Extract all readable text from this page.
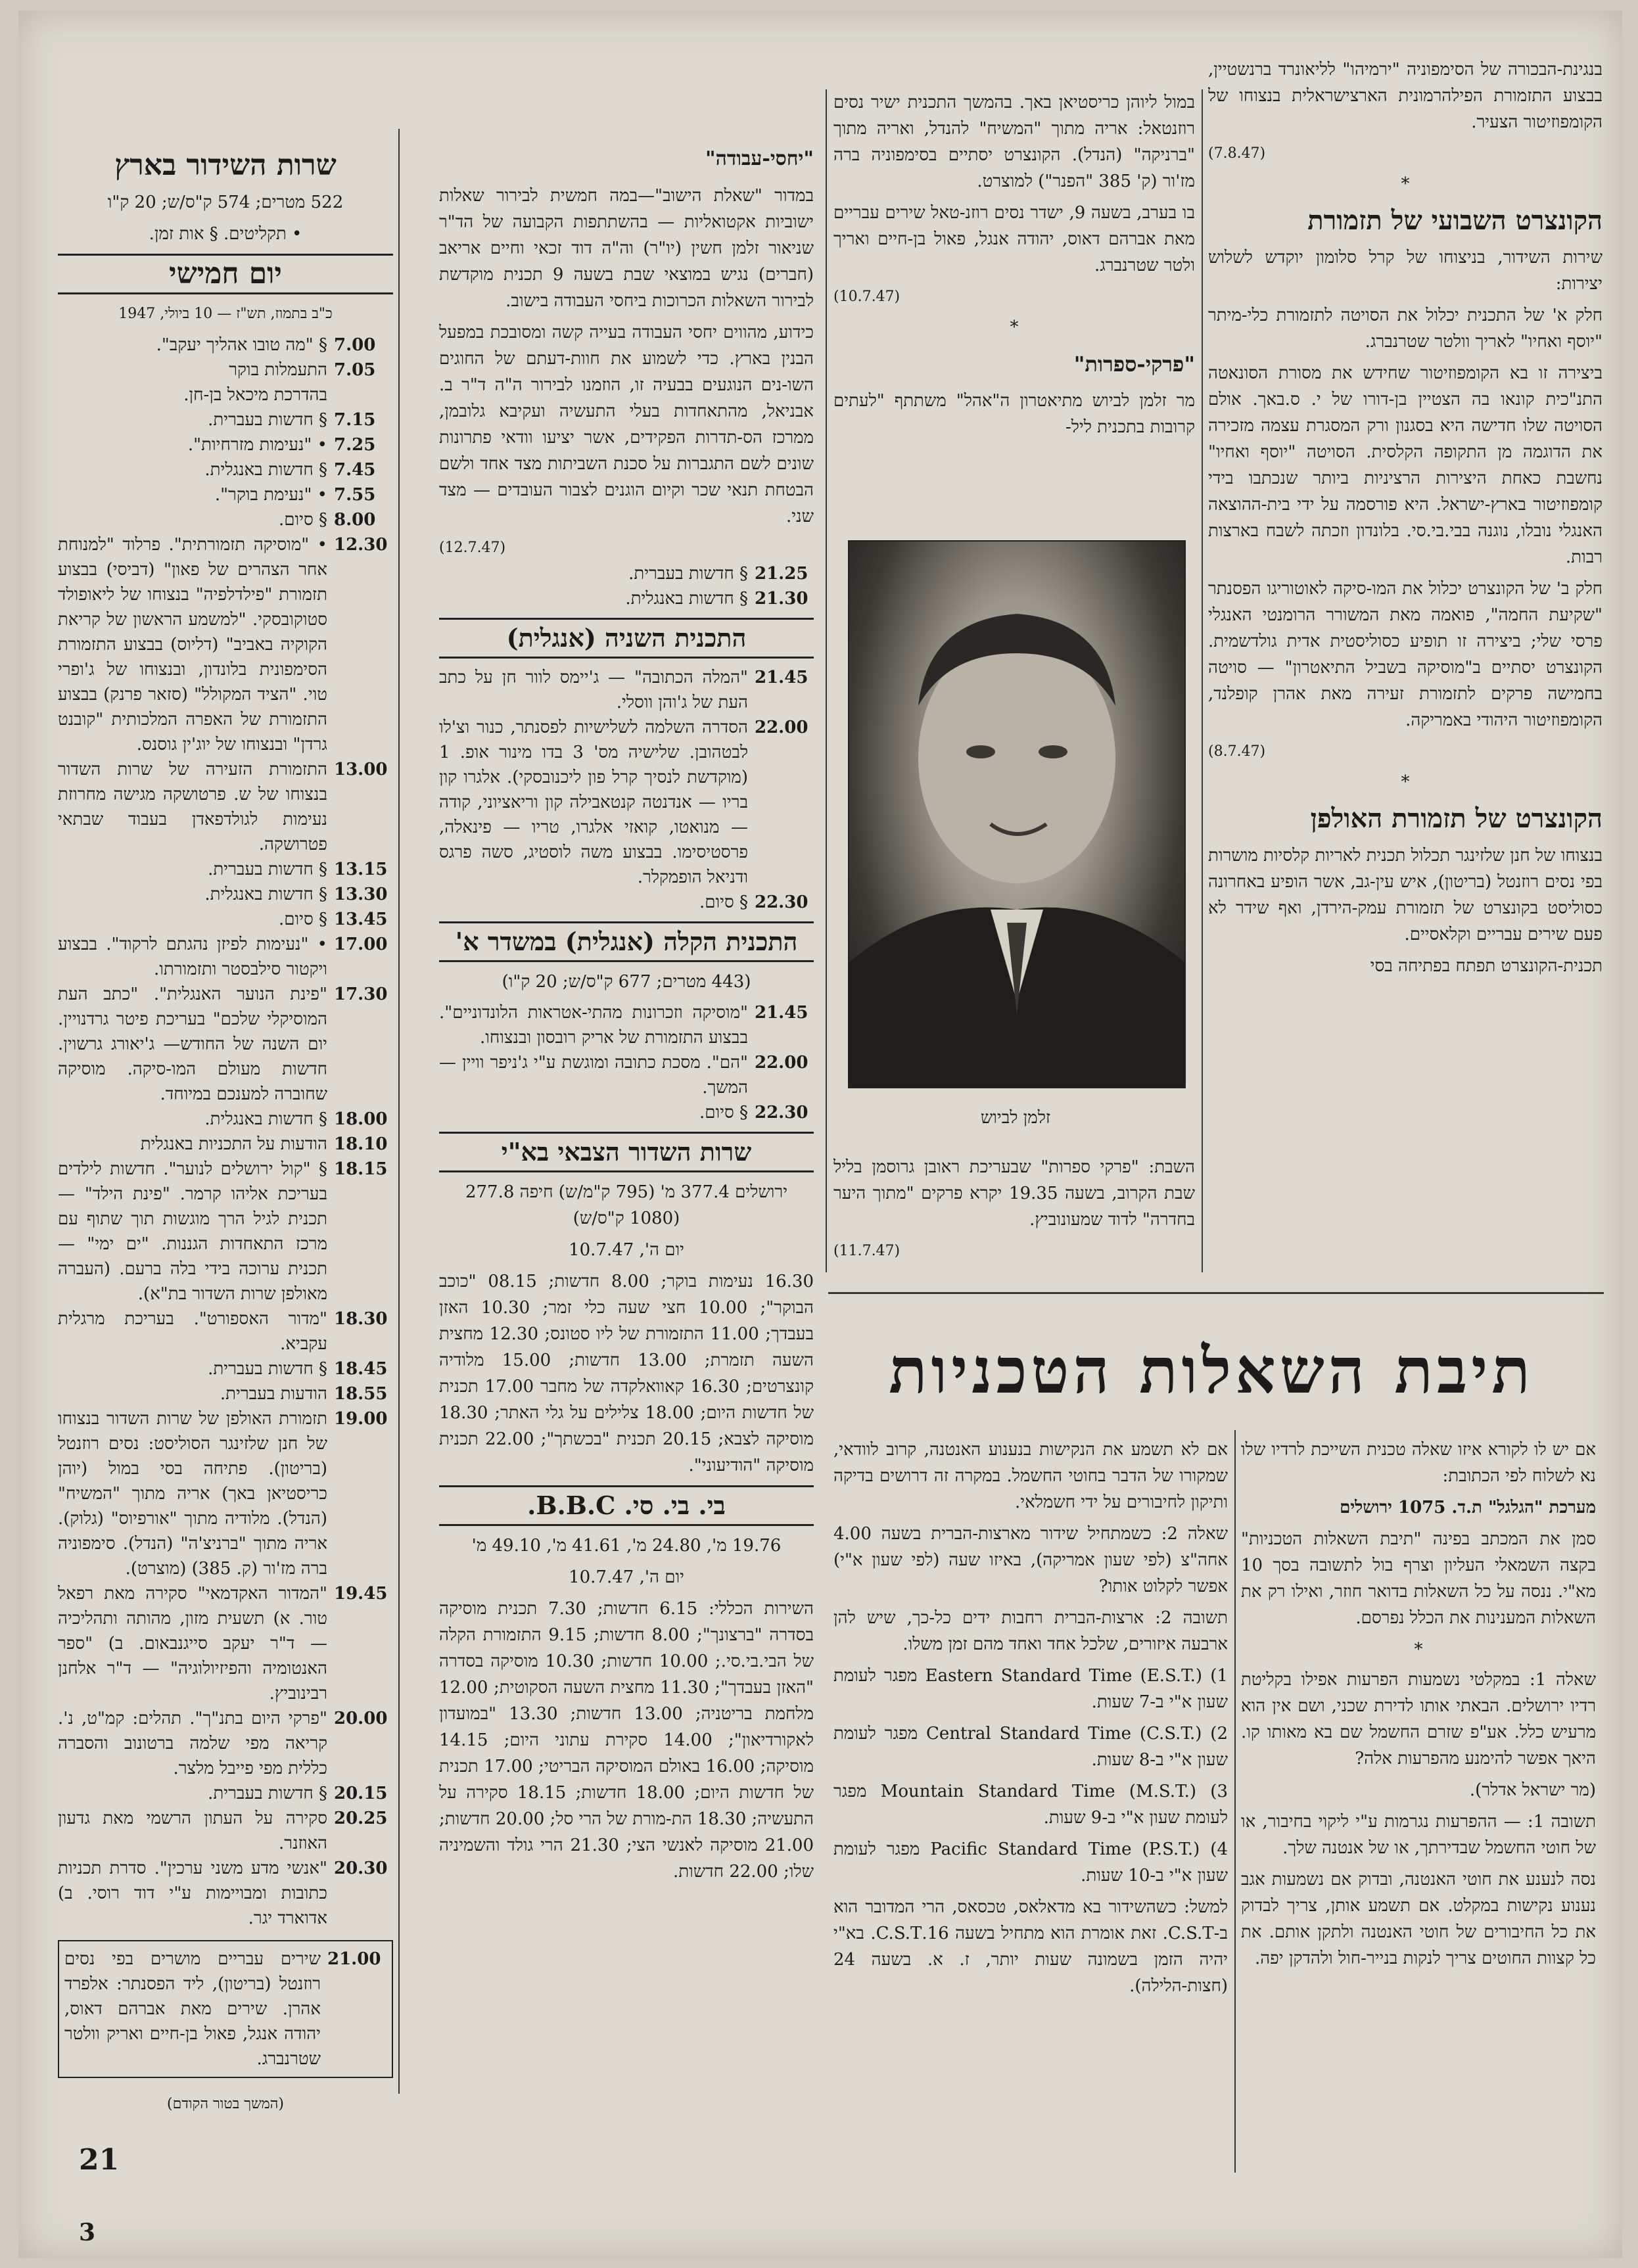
בנגינת-הבכורה של הסימפוניה "ירמיהו" לליאונרד ברנשטיין, בבצוע התזמורת הפילהרמונית הארצישראלית בנצוחו של הקומפוזיטור הצעיר.

(7.8.47)
*
הקונצרט השבועי של תזמורת

שירות השידור, בניצוחו של קרל סלומון יוקדש לשלוש יצירות:

חלק א' של התכנית יכלול את הסויטה לתזמורת כלי-מיתר "יוסף ואחיו" לאריך וולטר שטרנברג.

ביצירה זו בא הקומפוזיטור שחידש את מסורת הסונאטה התנ"כית קונאו בה הצטיין בן-דורו של י. ס.באך. אולם הסויטה שלו חדישה היא בסגנון ורק המסגרת עצמה מזכירה את הדוגמה מן התקופה הקלסית. הסויטה "יוסף ואחיו" נחשבת כאחת היצירות הרציניות ביותר שנכתבו בידי קומפוזיטור בארץ-ישראל. היא פורסמה על ידי בית-ההוצאה האנגלי נובלו, נוגנה בבי.בי.סי. בלונדון וזכתה לשבח בארצות רבות.

חלק ב' של הקונצרט יכלול את המו-סיקה לאוטוריגו הפסנתר "שקיעת החמה", פואמה מאת המשורר הרומנטי האנגלי פרסי שלי; ביצירה זו תופיע כסוליסטית אדית גולדשמית. הקונצרט יסתיים ב"מוסיקה בשביל התיאטרון" — סויטה בחמישה פרקים לתזמורת זעירה מאת אהרן קופלנד, הקומפוזיטור היהודי באמריקה.

(8.7.47)
*
הקונצרט של תזמורת האולפן

בנצוחו של חנן שלזינגר תכלול תכנית לאריות קלסיות מושרות בפי נסים רוזנטל (בריטון), איש עין-גב, אשר הופיע באחרונה כסוליסט בקונצרט של תזמורת עמק-הירדן, ואף שידר לא פעם שירים עבריים וקלאסיים.

תכנית-הקונצרט תפתח בפתיחה בסי

במול ליוהן כריסטיאן באך. בהמשך התכנית ישיר נסים רוזנטאל: אריה מתוך "המשיח" להנדל, ואריה מתוך "ברניקה" (הנדל). הקונצרט יסתיים בסימפוניה ברה מז'ור (ק' 385 "הפנר") למוצרט.

בו בערב, בשעה 9, ישדר נסים רוזנ-טאל שירים עבריים מאת אברהם דאוס, יהודה אנגל, פאול בן-חיים ואריך ולטר שטרנברג.

(10.7.47)
*
"פרקי-ספרות"

מר זלמן לביוש מתיאטרון ה"אהל" משתתף "לעתים קרובות בתכנית ליל-

זלמן לביוש

השבת: "פרקי ספרות" שבעריכת ראובן גרוסמן בליל שבת הקרוב, בשעה 19.35 יקרא פרקים "מתוך היער בחדרה" לדוד שמעונוביץ.

(11.7.47)
"יחסי-עבודה"

במדור "שאלת הישוב"—במה חמשית לבירור שאלות ישוביות אקטואליות — בהשתתפות הקבועה של הד"ר שניאור זלמן חשין (יו"ר) וה"ה דוד זכאי וחיים אריאב (חברים) נגיש במוצאי שבת בשעה 9 תכנית מוקדשת לבירור השאלות הכרוכות ביחסי העבודה בישוב.

כידוע, מהווים יחסי העבודה בעייה קשה ומסובכת במפעל הבנין בארץ. כדי לשמוע את חוות-דעתם של החוגים השו-נים הנוגעים בבעיה זו, הוזמנו לבירור ה"ה ד"ר ב. אבניאל, מהתאחדות בעלי התעשיה ועקיבא גלובמן, ממרכז הס-תדרות הפקידים, אשר יציעו וודאי פתרונות שונים לשם התגברות על סכנת השביתות מצד אחד ולשם הבטחת תנאי שכר וקיום הוגנים לצבור העובדים — מצד שני.

(12.7.47)
21.25
§ חדשות בעברית.
21.30
§ חדשות באנגלית.
התכנית השניה (אנגלית)
21.45
"המלה הכתובה" — ג'יימס לוור חן על כתב העת של ג'והן ווסלי.
22.00
הסדרה השלמה לשלישיות לפסנתר, כנור וצ'לו לבטהובן. שלישיה מס' 3 בדו מינור אופ. 1 (מוקדשת לנסיך קרל פון ליכנובסקי). אלגרו קון בריו — אנדנטה קנטאבילה קון וריאציוני, קודה — מנואטו, קואזי אלגרו, טריו — פינאלה, פרסטיסימו. בבצוע משה לוסטיג, סשה פרגס ודניאל הופמקלר.
22.30
§ סיום.
התכנית הקלה (אנגלית) במשדר א'

(443 מטרים; 677 ק"ס/ש; 20 ק"ו)

21.45
"מוסיקה וזכרונות מהתי-אטראות הלונדוניים". בבצוע התזמורת של אריק רובסון ובנצוחו.
22.00
"הם". מסכת כתובה ומוגשת ע"י ג'ניפר וויין — המשך.
22.30
§ סיום.
שרות השדור הצבאי בא"י

ירושלים 377.4 מ' (795 ק"מ/ש) חיפה 277.8 (1080 ק"ס/ש)

יום ה', 10.7.47

16.30 נעימות בוקר; 8.00 חדשות; 08.15 "כוכב הבוקר"; 10.00 חצי שעה כלי זמר; 10.30 האזן בעבדך; 11.00 התזמורת של ליו סטונס; 12.30 מחצית השעה תזמרת; 13.00 חדשות; 15.00 מלודיה קונצרטים; 16.30 קאוואלקדה של מחבר 17.00 תכנית של חדשות היום; 18.00 צלילים על גלי האתר; 18.30 מוסיקה לצבא; 20.15 תכנית "בכשתך"; 22.00 תכנית מוסיקה "הודיעוני".

בי. בי. סי. B.B.C.

19.76 מ', 24.80 מ', 41.61 מ', 49.10 מ'

יום ה', 10.7.47

השירות הכללי: 6.15 חדשות; 7.30 תכנית מוסיקה בסדרה "ברצונך"; 8.00 חדשות; 9.15 התזמורת הקלה של הבי.בי.סי.; 10.00 חדשות; 10.30 מוסיקה בסדרה "האזן בעבדך"; 11.30 מחצית השעה הסקוטית; 12.00 מלחמת בריטניה; 13.00 חדשות; 13.30 "במועדון לאקורדיאון"; 14.00 סקירת עתוני היום; 14.15 מוסיקה; 16.00 באולם המוסיקה הבריטי; 17.00 תכנית של חדשות היום; 18.00 חדשות; 18.15 סקירה על התעשיה; 18.30 הת-מורת של הרי סל; 20.00 חדשות; 21.00 מוסיקה לאנשי הצי; 21.30 הרי גולד והשמיניה שלו; 22.00 חדשות.

שרות השידור בארץ

522 מטרים; 574 ק"ס/ש; 20 ק"ו

• תקליטים. § אות זמן.

יום חמישי

כ"ב בתמוז, תש"ז — 10 ביולי, 1947

7.00
§ "מה טובו אהליך יעקב".
7.05
התעמלות בוקר
בהדרכת מיכאל בן-חן.
7.15
§ חדשות בעברית.
7.25
• "נעימות מזרחיות".
7.45
§ חדשות באנגלית.
7.55
• "נעימת בוקר".
8.00
§ סיום.
12.30
• "מוסיקה תזמורתית". פרלוד "למנוחת אחר הצהרים של פאון" (דביסי) בבצוע תזמורת "פילדלפיה" בנצוחו של ליאופולד סטוקובסקי. "למשמע הראשון של קריאת הקוקיה באביב" (דליוס) בבצוע התזמורת הסימפונית בלונדון, ובנצוחו של ג'ופרי טוי. "הציד המקולל" (סזאר פרנק) בבצוע התזמורת של האפרה המלכותית "קובנט גרדן" ובנצוחו של יוג'ין גוסנס.
13.00
התזמורת הזעירה של שרות השדור בנצוחו של ש. פרטושקה מגישה מחרוזת נעימות לגולדפאדן בעבוד שבתאי פטרושקה.
13.15
§ חדשות בעברית.
13.30
§ חדשות באנגלית.
13.45
§ סיום.
17.00
• "נעימות לפיזן נהגתם לרקוד". בבצוע ויקטור סילבסטר ותזמורתו.
17.30
"פינת הנוער האנגלית". "כתב העת המוסיקלי שלכם" בעריכת פיטר גרדנויין. יום השנה של החודש— ג'יאורג גרשוין. חדשות מעולם המו-סיקה. מוסיקה שחוברה למענכם במיוחד.
18.00
§ חדשות באנגלית.
18.10
הודעות על התכניות באנגלית
18.15
§ "קול ירושלים לנוער". חדשות לילדים בעריכת אליהו קרמר. "פינת הילד" — תכנית לגיל הרך מוגשות תוך שתוף עם מרכז התאחדות הגננות. "ים ימי" — תכנית ערוכה בידי בלה ברעם. (העברה מאולפן שרות השדור בת"א).
18.30
"מדור האספורט". בעריכת מרגלית עקביא.
18.45
§ חדשות בעברית.
18.55
הודעות בעברית.
19.00
תזמורת האולפן של שרות השדור בנצוחו של חנן שלזינגר הסוליסט: נסים רוזנטל (בריטון). פתיחה בסי במול (יוהן כריסטיאן באך) אריה מתוך "המשיח" (הנדל). מלודיה מתוך "אורפיוס" (גלוק). אריה מתוך "ברניצ'ה" (הנדל). סימפוניה ברה מז'ור (ק. 385) (מוצרט).
19.45
"המדור האקדמאי" סקירה מאת רפאל טור. א) תשעית מזון, מהותה ותהליכיה — ד"ר יעקב סייגנבאום. ב) "ספר האנטומיה והפיזיולוגיה" — ד"ר אלחנן רבינוביץ.
20.00
"פרקי היום בתנ"ך". תהלים: קמ"ט, נ'. קריאה מפי שלמה ברטונוב והסברה כללית מפי פייבל מלצר.
20.15
§ חדשות בעברית.
20.25
סקירה על העתון הרשמי מאת גדעון האוזנר.
20.30
"אנשי מדע משני ערכין". סדרת תכניות כתובות ומבויימות ע"י דוד רוסי. ב) אדוארד יגר.
21.00
שירים עבריים מושרים בפי נסים רוזנטל (בריטון), ליד הפסנתר: אלפרד אהרן. שירים מאת אברהם דאוס, יהודה אנגל, פאול בן-חיים ואריק וולטר שטרנברג.

(המשך בטור הקודם)

תיבת השאלות הטכניות

אם יש לו לקורא איזו שאלה טכנית השייכת לרדיו שלו נא לשלוח לפי הכתובת:

מערכת "הגלגל" ת.ד. 1075 ירושלים

סמן את המכתב בפינה "תיבת השאלות הטכניות" בקצה השמאלי העליון וצרף בול לתשובה בסך 10 מא"י. ננסה על כל השאלות בדואר חוזר, ואילו רק את השאלות המענינות את הכלל נפרסם.

*

שאלה 1: במקלטי נשמעות הפרעות אפילו בקליטת רדיו ירושלים. הבאתי אותו לדירת שכני, ושם אין הוא מרעיש כלל. אע"פ שזרם החשמל שם בא מאותו קו. היאך אפשר להימנע מהפרעות אלה?

(מר ישראל אדלר).

תשובה 1: — ההפרעות נגרמות ע"י ליקוי בחיבור, או של חוטי החשמל שבדירתך, או של אנטנה שלך.

נסה לנענע את חוטי האנטנה, ובדוק אם נשמעות אגב נענוע נקישות במקלט. אם תשמע אותן, צריך לבדוק את כל החיבורים של חוטי האנטנה ולתקן אותם. את כל קצוות החוטים צריך לנקות בנייר-חול ולהדקן יפה.

אם לא תשמע את הנקישות בנענוע האנטנה, קרוב לוודאי, שמקורו של הדבר בחוטי החשמל. במקרה זה דרושים בדיקה ותיקון לחיבורים על ידי חשמלאי.

שאלה 2: כשמתחיל שידור מארצות-הברית בשעה 4.00 אחה"צ (לפי שעון אמריקה), באיזו שעה (לפי שעון א"י) אפשר לקלוט אותו?

תשובה 2: ארצות-הברית רחבות ידים כל-כך, שיש להן ארבעה איזורים, שלכל אחד ואחד מהם זמן משלו.

1) Eastern Standard Time (E.S.T.) מפגר לעומת שעון א"י ב-7 שעות.

2) Central Standard Time (C.S.T.) מפגר לעומת שעון א"י ב-8 שעות.

3) Mountain Standard Time (M.S.T.) מפגר לעומת שעון א"י ב-9 שעות.

4) Pacific Standard Time (P.S.T.) מפגר לעומת שעון א"י ב-10 שעות.

למשל: כשהשידור בא מדאלאס, טכסאס, הרי המדובר הוא ב-C.S.T. זאת אומרת הוא מתחיל בשעה 16.C.S.T. בא"י יהיה הזמן בשמונה שעות יותר, ז. א. בשעה 24 (חצות-הלילה).

21
3
